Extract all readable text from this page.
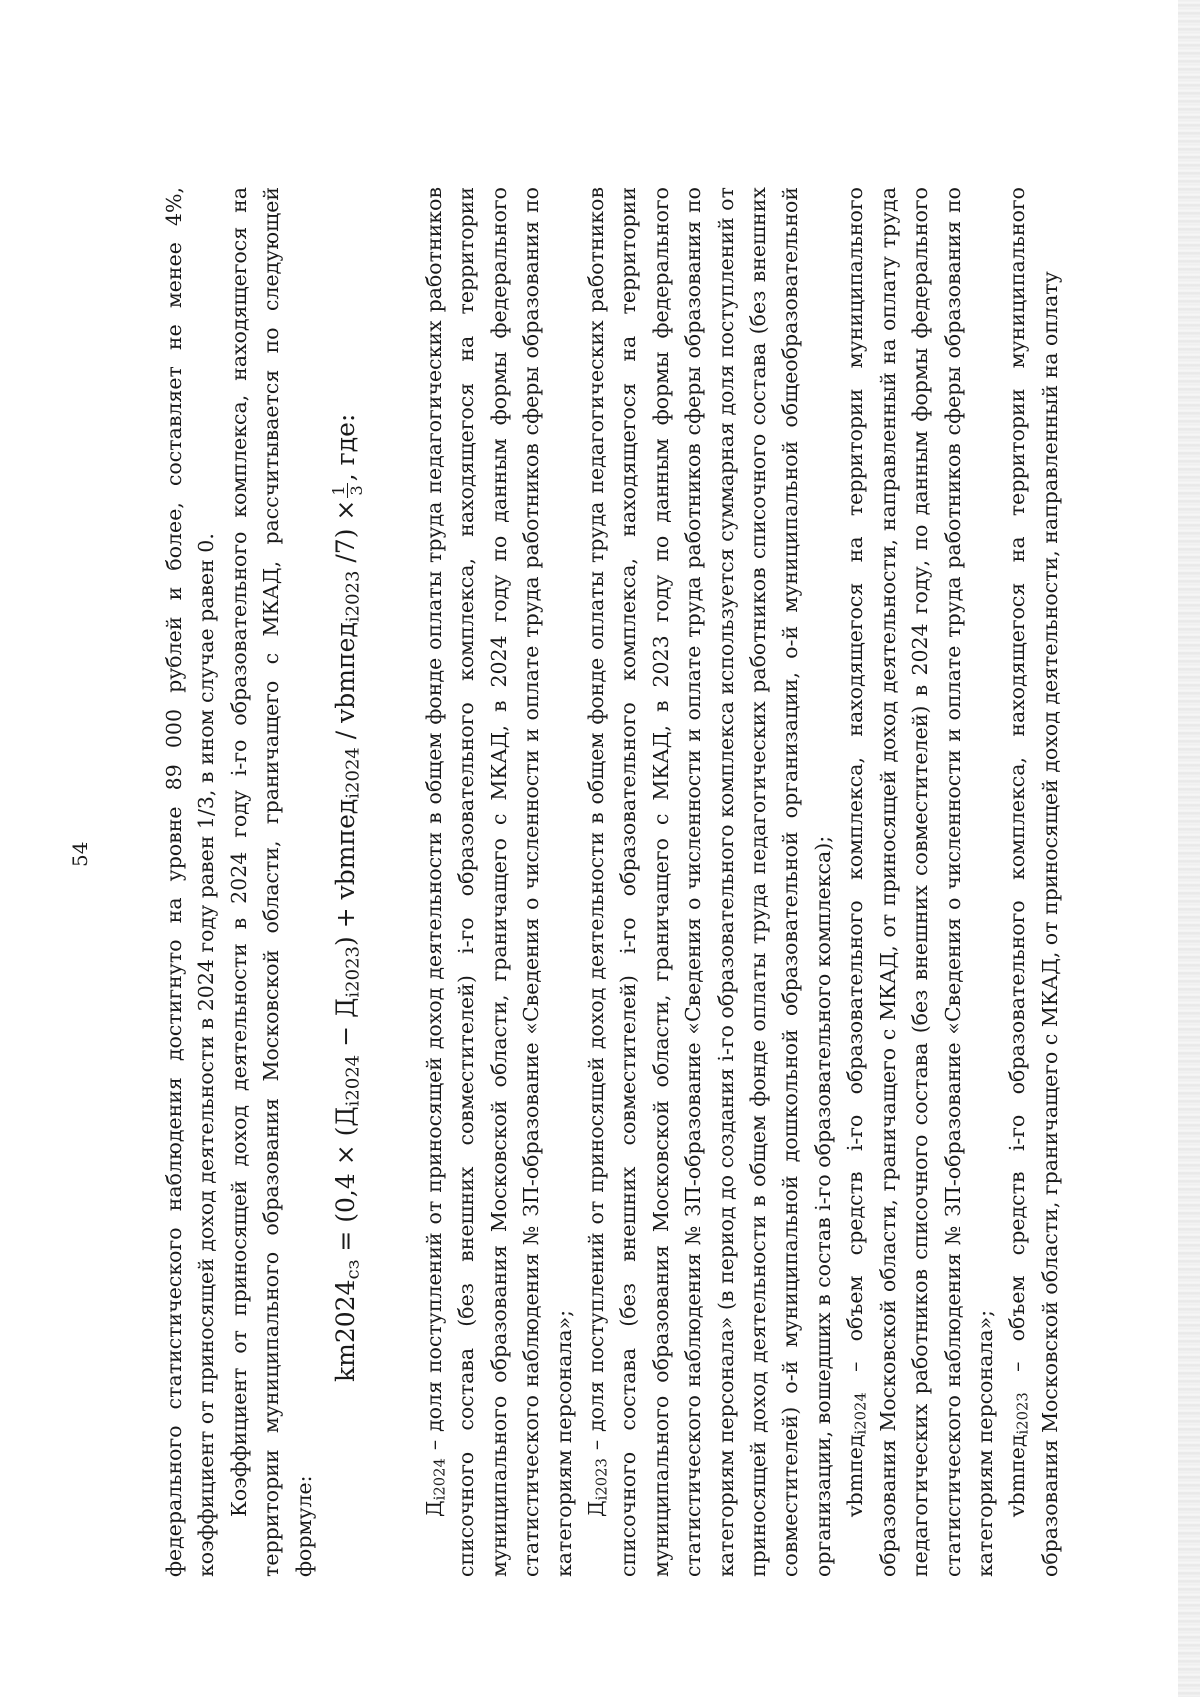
54	федерального статистического наблюдения достигнуто на уровне 89 000 рублей и более, составляет не менее 4%, коэффициент от приносящей доход деятельности в 2024 году равен 1/3, в ином случае равен 0. Коэффициент от приносящей доход деятельности в 2024 году i-го образовательного комплекса, находящегося на территории муниципального образования Московской области, граничащего с МКАД, рассчитывается по следующей формуле:

$km2024_{сз} = (0,4 \times (Д_{i2024} - Д_{i2023})$ + vbmпед$_{i2024}$ / vbmпед$_{i2023}$ /7) ×
1 3
, где:

$Д_{i2024}$ – доля поступлений от приносящей доход деятельности в общем фонде оплаты труда педагогических работников списочного состава (без внешних совместителей) i-го образовательного комплекса, находящегося на территории муниципального образования Московской области, граничащего с МКАД, в 2024 году по данным формы федерального статистического наблюдения № ЗП-образование «Сведения о численности и оплате труда работников сферы образования по категориям персонала»; $Д_{i2023}$ – доля поступлений от приносящей доход деятельности в общем фонде оплаты труда педагогических работников списочного состава (без внешних совместителей) i-го образовательного комплекса, находящегося на территории муниципального образования Московской области, граничащего с МКАД, в 2023 году по данным формы федерального статистического наблюдения № ЗП-образование «Сведения о численности и оплате труда работников сферы образования по категориям персонала» (в период до создания i-го образовательного комплекса используется суммарная доля поступлений от приносящей доход деятельности в общем фонде оплаты труда педагогических работников списочного состава (без внешних совместителей) о-й муниципальной дошкольной образовательной организации, о-й муниципальной общеобразовательной организации, вошедших в состав i-го образовательного комплекса); vbmпед$_{i2024}$ – объем средств i-го образовательного комплекса, находящегося на территории муниципального образования Московской области, граничащего с МКАД, от приносящей доход деятельности, направленный на оплату труда педагогических работников списочного состава (без внешних совместителей) в 2024 году, по данным формы федерального статистического наблюдения № ЗП-образование «Сведения о численности и оплате труда работников сферы образования по категориям персонала»; vbmпед$_{i2023}$ – объем средств i-го образовательного комплекса, находящегося на территории муниципального образования Московской области, граничащего с МКАД, от приносящей доход деятельности, направленный на оплату
